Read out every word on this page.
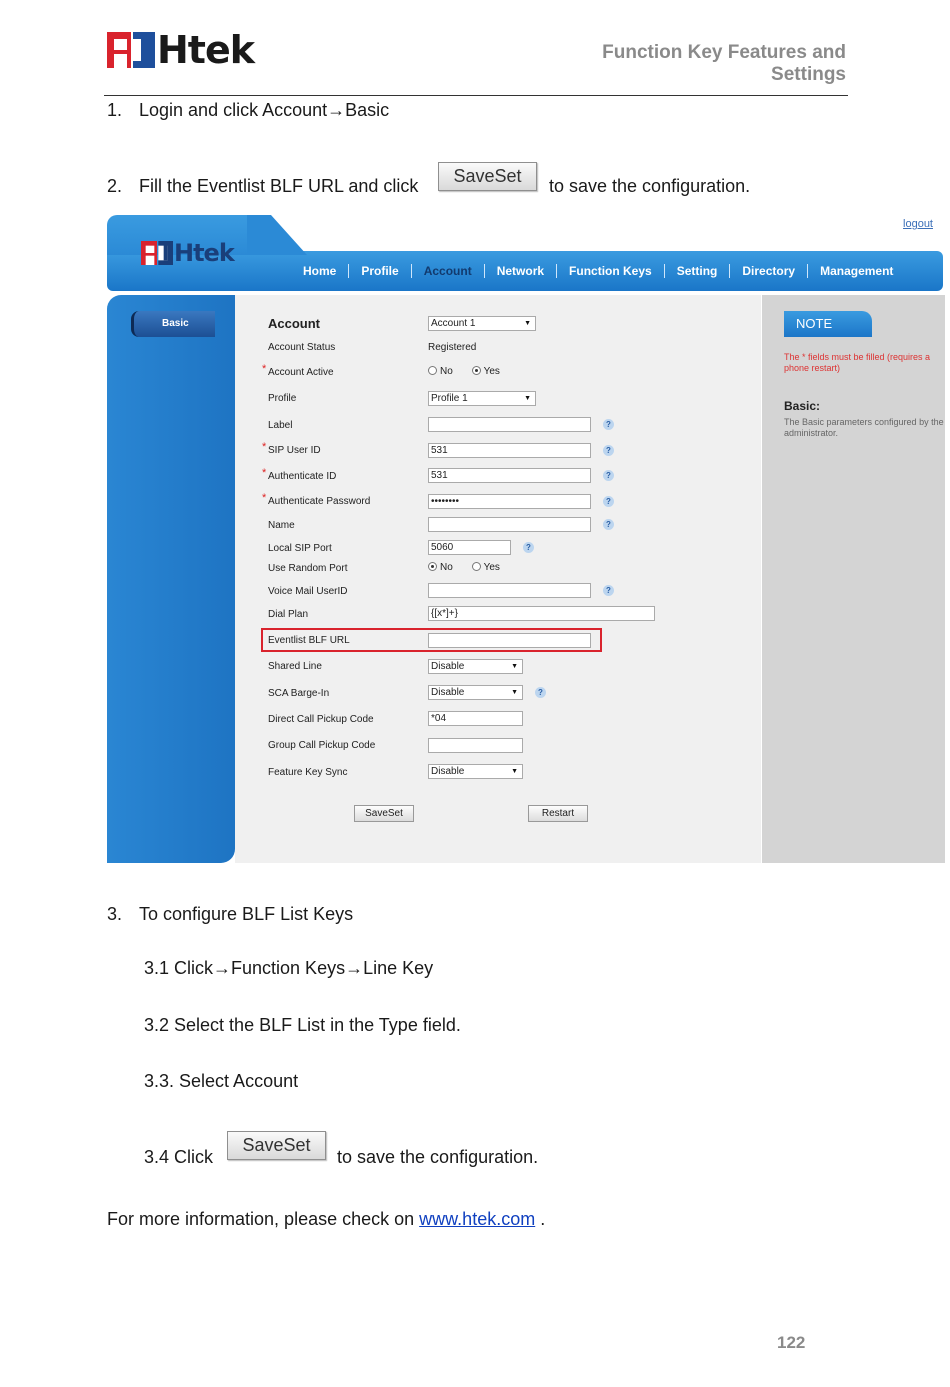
Htek	Function Key Features and
Settings
1. Login and click Account→Basic
2. Fill the Eventlist BLF URL and click	SaveSet	to save the configuration.
logout
Htek
Home	Profile	Account	Network	Function Keys	Setting	Directory	Management
Basic	Account	Account 1 ▼
Account Status	Registered
* Account Active	No	Yes
Profile	Profile 1 ▼
Label	?
* SIP User ID	531	?
* Authenticate ID	531	?
* Authenticate Password	••••••••	?
Name	?
Local SIP Port	5060	?
Use Random Port	No	Yes
Voice Mail UserID	?
Dial Plan	{[x*]+}
Eventlist BLF URL
Shared Line	Disable ▼
SCA Barge-In	Disable ▼	?
Direct Call Pickup Code	*04
Group Call Pickup Code
Feature Key Sync	Disable ▼
SaveSet	Restart
NOTE
The * fields must be filled (requires a phone restart)
Basic:
The Basic parameters configured by the administrator.
3. To configure BLF List Keys
3.1 Click→Function Keys→Line Key
3.2 Select the BLF List in the Type field.
3.3. Select Account
3.4 Click
SaveSet
to save the configuration.
For more information, please check on www.htek.com .
122
